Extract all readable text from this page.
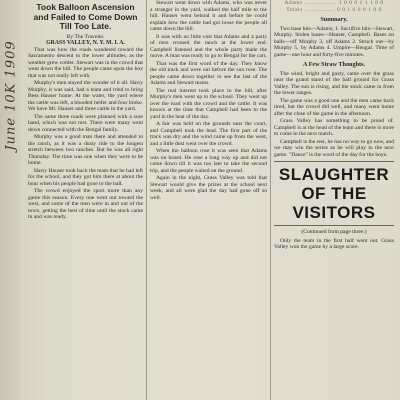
June 10K 1909
Took Balloon Ascension and Failed to Come Down Till Too Late.
By The Traveler.
GRASS VALLEY, N. Y. M. I. A.

That was how the roads wandered toward the Sacramento descent to the lower altitudes, as the weather grew colder. Stewart was in the crowd that went down the hill. The people came upon the boy that was not really left with.

Murphy's men stayed the wonder of it all. Harry Murphy, it was said, had a team and tried to bring Bess Hauser home. At the water, the yard where the cattle was left, a blooded heifer and four broke. We have Mr. Hauser and three cattle in the yard.

The same three roads were planned with a sure hand, which was not rest. There were many went down connected with the Bengal family.

Murphy was a good man there and attended to the ranch, as it was a dusty ride to the longest stretch between two ranches. But he was all right Thursday. The time was one when they were to be home.

Harry Hauser took back the team that he had left for the school, and they got him there at about the hour when his people had gone to the ball.

The crowd enjoyed the sport more than any game this season. Every one went out toward the west, and some of the men were in and out of the town, getting the best of time until the stock came in and was ready.

Stewart went down with Adams, who was never a stranger in the yard, walked the half mile to the hill. Hauser went behind it and before he could explain how the cattle had got loose the people all came down the hill.

It was with no little cost that Adams and a party of men crossed the ranch at the lower end. Campbell listened and the whole party made the move. A man was ready to go to Bengal for the cart.

That was the first word of the day. They know the old track and were out before the sun rose. The people came down together to see the last of the Adams and Stewart teams.

The real interest took place in the hill, after Murphy's men went up to the school. They went up over the road with the crowd and the cattle. It was known at the time that Campbell had been to the yard in the heat of the day.

A fair was held on the grounds near the court, and Campbell took the lead. The first part of the track was dry and the wind came up from the west, and a little dust went over the crowd.

When the balloon rose it was seen that Adams was on board. He rose a long way up and did not come down till it was too late to take the second trip, and the people waited on the ground.

Again in the night, Grass Valley was told that Stewart would give the prizes at the school next week, and all were glad the day had gone off so well.

Adams ................. 1 0 0 0 1 1 1 0 0
Totals ................ 0 0 1 0 0 0 1 0 0
Summary.

Two base hits—Adams, 1. Sacrifice hits—Stewart, Murphy. Stolen bases—Hauser, Campbell. Bases on balls—off Murphy 3, off Adams 2. Struck out—by Murphy 5, by Adams 4. Umpire—Bengal. Time of game—one hour and forty-five minutes.

A Few Straw Thoughts.

The wind, bright and gusty, came over the grass near the grand stand of the ball ground for Grass Valley. The sun is rising, and the stock came in from the lower ranges.

The game was a good one and the men came back tired, but the crowd did well, and many went home after the close of the game in the afternoon.

Grass Valley has something to be proud of. Campbell is at the head of the team and there is more to come in the next match.

Campbell is the rest, he has no way to go now, and we may win the series as he will play in the next game. "Dance" is the word of the day for the boys.

SLAUGHTER OF THE VISITORS
(Continued from page three.)

Only the team in the first half went out. Grass Valley won the game by a large score.
